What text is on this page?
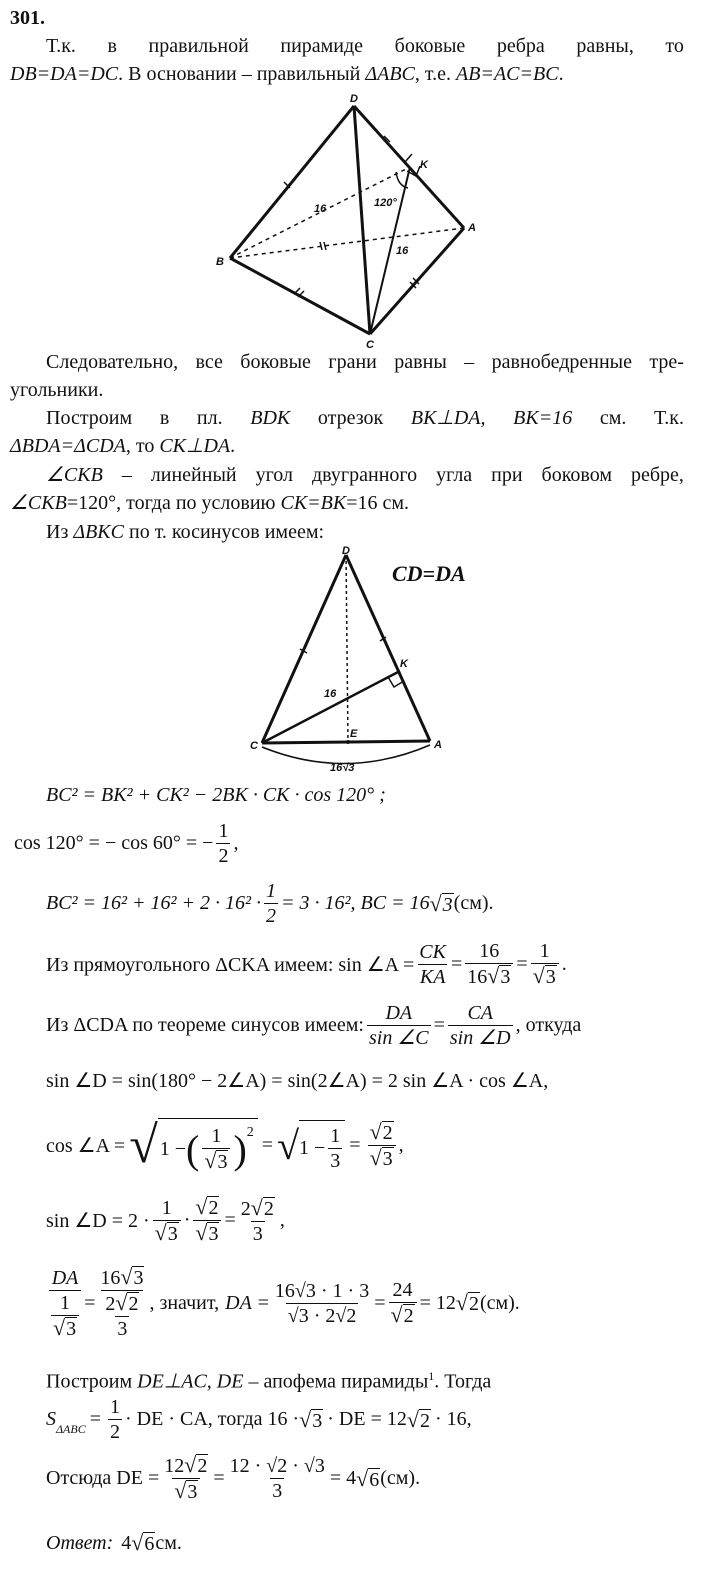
301.
Т.к. в правильной пирамиде боковые ребра равны, то
DB=DA=DC. В основании – правильный ΔABC, т.е. AB=AC=BC.
D
K
A
B
C
16
16
120°
Следовательно, все боковые грани равны – равнобедренные тре-
угольники.
Построим в пл. BDK отрезок BK⊥DA, BK=16 см. Т.к.
ΔBDA=ΔCDA, то CK⊥DA.
∠CKB – линейный угол двугранного угла при боковом ребре,
∠CKB=120°, тогда по условию CK=BK=16 см.
Из ΔBKC по т. косинусов имеем:
D
K
C
E
A
16
16√3
CD=DA
BC² = BK² + CK² − 2BK · CK · cos 120° ;
cos 120° = − cos 60° = − $\frac{1}{2}$ ,
$BC^2 = 16^2 + 16^2 + 2 \cdot 16^2 \cdot \frac{1}{2} = 3 \cdot 16^2$, BC = 16 √3 (см).
Из прямоугольного ΔCKA имеем: sin ∠A = $\frac{CK}{KA} = \frac{16}{16√3} = \frac{1}{√3}$ .
Из ΔCDA по теореме синусов имеем: $\frac{DA}{\sin \angle C} = \frac{CA}{\sin \angle D}$ , откуда
sin ∠D = sin(180° − 2∠A) = sin(2∠A) = 2 sin ∠A · cos ∠A,
cos ∠A = √ 1 − ( $\frac{1}{√3} )^2$
= √ $1 - \frac{1}{3} = \frac{√2}{√3}$ ,
sin ∠D = $2 \cdot \frac{1}{√3} \cdot \frac{√2}{√3} = \frac{2√2}{3}$ ,
$\frac{DA}{\frac{1}{√3}} = \frac{16√3}{\frac{2√2}{3}}$ , значит, DA = $\frac{16√3 \cdot 1 \cdot 3}{√3 \cdot 2√2} = \frac{24}{√2} = 12$ √2 (см).
Построим DE⊥AC, DE – апофема пирамиды$^1$. Тогда
$S_{\Delta ABC} = \frac{1}{2}$ · DE · CA, тогда 16 · √3 · DE = 12 √2 · 16,
Отсюда DE = $\frac{12√2}{√3} = \frac{12 \cdot √2 \cdot √3}{3} = 4$ √6 (см).
Ответ: 4 √6 см.
